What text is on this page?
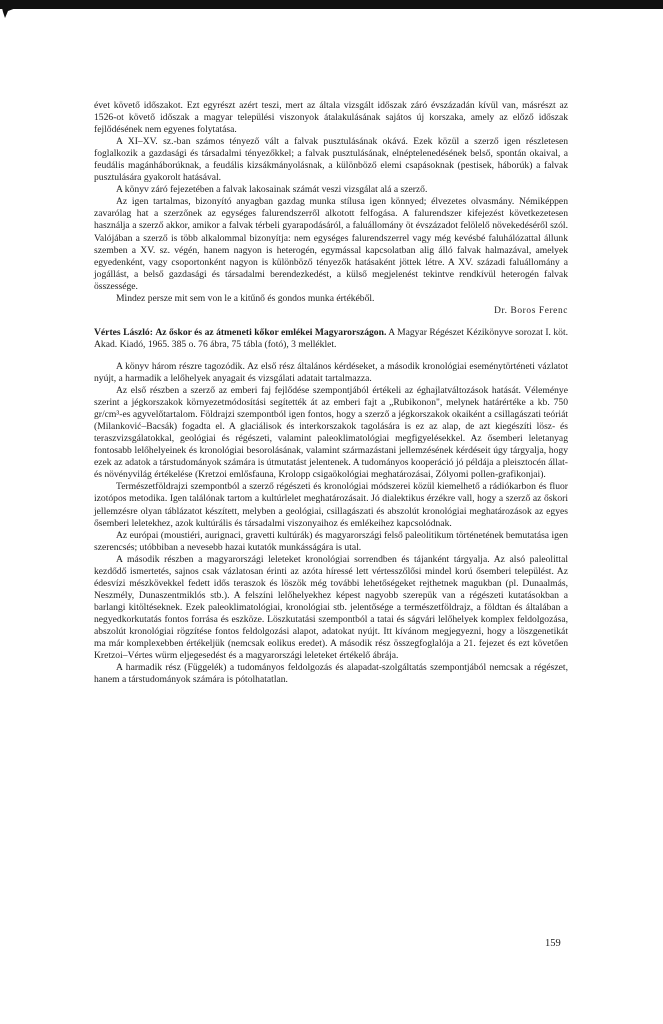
évet követő időszakot. Ezt egyrészt azért teszi, mert az általa vizsgált időszak záró évszázadán kívül van, másrészt az 1526-ot követő időszak a magyar települési viszonyok átalakulásának sajátos új korszaka, amely az előző időszak fejlődésének nem egyenes folytatása.

A XI–XV. sz.-ban számos tényező vált a falvak pusztulásának okává. Ezek közül a szerző igen részletesen foglalkozik a gazdasági és társadalmi tényezőkkel; a falvak pusztulásának, elnéptelenedésének belső, spontán okaival, a feudális magánháborúknak, a feudális kizsákmányolásnak, a különböző elemi csapásoknak (pestisek, háborúk) a falvak pusztulására gyakorolt hatásával.

A könyv záró fejezetében a falvak lakosainak számát veszi vizsgálat alá a szerző.

Az igen tartalmas, bizonyító anyagban gazdag munka stílusa igen könnyed; élvezetes olvasmány. Némiképpen zavarólag hat a szerzőnek az egységes falurendszerről alkotott felfogása. A falurendszer kifejezést következetesen használja a szerző akkor, amikor a falvak térbeli gyarapodásáról, a faluállomány öt évszázadot felölelő növekedéséről szól. Valójában a szerző is több alkalommal bizonyítja: nem egységes falurendszerrel vagy még kevésbé faluhálózattal állunk szemben a XV. sz. végén, hanem nagyon is heterogén, egymással kapcsolatban alig álló falvak halmazával, amelyek egyedenként, vagy csoportonként nagyon is különböző tényezők hatásaként jöttek létre. A XV. századi faluállomány a jogállást, a belső gazdasági és társadalmi berendezkedést, a külső megjelenést tekintve rendkívül heterogén falvak összessége.

Mindez persze mit sem von le a kitűnő és gondos munka értékéből.

Dr. Boros Ferenc

Vértes László: Az őskor és az átmeneti kőkor emlékei Magyarországon. A Magyar Régészet Kézikönyve sorozat I. köt. Akad. Kiadó, 1965. 385 o. 76 ábra, 75 tábla (fotó), 3 melléklet.

A könyv három részre tagozódik. Az első rész általános kérdéseket, a második kronológiai eseménytörténeti vázlatot nyújt, a harmadik a lelőhelyek anyagait és vizsgálati adatait tartalmazza.

Az első részben a szerző az emberi faj fejlődése szempontjából értékeli az éghajlatváltozások hatását. Véleménye szerint a jégkorszakok környezetmódosítási segítették át az emberi fajt a „Rubikonon", melynek határértéke a kb. 750 gr/cm³-es agyvelőtartalom. Földrajzi szempontból igen fontos, hogy a szerző a jégkorszakok okaiként a csillagászati teóriát (Milanković–Bacsák) fogadta el. A glaciálisok és interkorszakok tagolására is ez az alap, de azt kiegészíti lösz- és teraszvizsgálatokkal, geológiai és régészeti, valamint paleoklimatológiai megfigyelésekkel. Az ősemberi leletanyag fontosabb lelőhelyeinek és kronológiai besorolásának, valamint származástani jellemzésének kérdéseit úgy tárgyalja, hogy ezek az adatok a társtudományok számára is útmutatást jelentenek. A tudományos kooperáció jó példája a pleisztocén állat- és növényvilág értékelése (Kretzoi emlősfauna, Krolopp csigaökológiai meghatározásai, Zólyomi pollen-grafikonjai).

Természetföldrajzi szempontból a szerző régészeti és kronológiai módszerei közül kiemelhető a rádiókarbon és fluor izotópos metodika. Igen találónak tartom a kultúrlelet meghatározásait. Jó dialektikus érzékre vall, hogy a szerző az őskori jellemzésre olyan táblázatot készített, melyben a geológiai, csillagászati és abszolút kronológiai meghatározások az egyes ősemberi leletekhez, azok kultúrális és társadalmi viszonyaihoz és emlékeihez kapcsolódnak.

Az európai (moustiéri, aurignaci, gravetti kultúrák) és magyarországi felső paleolitikum történetének bemutatása igen szerencsés; utóbbiban a nevesebb hazai kutatók munkásságára is utal.

A második részben a magyarországi leleteket kronológiai sorrendben és tájanként tárgyalja. Az alsó paleolittal kezdődő ismertetés, sajnos csak vázlatosan érinti az azóta híressé lett vértesszőlősi mindel korú ősemberi települést. Az édesvízi mészkövekkel fedett idős teraszok és löszök még további lehetőségeket rejthetnek magukban (pl. Dunaalmás, Neszmély, Dunaszentmiklós stb.). A felszíni lelőhelyekhez képest nagyobb szerepük van a régészeti kutatásokban a barlangi kitöltéseknek. Ezek paleoklimatológiai, kronológiai stb. jelentősége a természetföldrajz, a földtan és általában a negyedkorkutatás fontos forrása és eszköze. Löszkutatási szempontból a tatai és ságvári lelőhelyek komplex feldolgozása, abszolút kronológiai rögzítése fontos feldolgozási alapot, adatokat nyújt. Itt kívánom megjegyezni, hogy a löszgenetikát ma már komplexebben értékeljük (nemcsak eolikus eredet). A második rész összegfoglalója a 21. fejezet és ezt követően Kretzoi–Vértes würm eljegesedést és a magyarországi leleteket értékelő ábrája.

A harmadik rész (Függelék) a tudományos feldolgozás és alapadat-szolgáltatás szempontjából nemcsak a régészet, hanem a társtudományok számára is pótolhatatlan.

159
